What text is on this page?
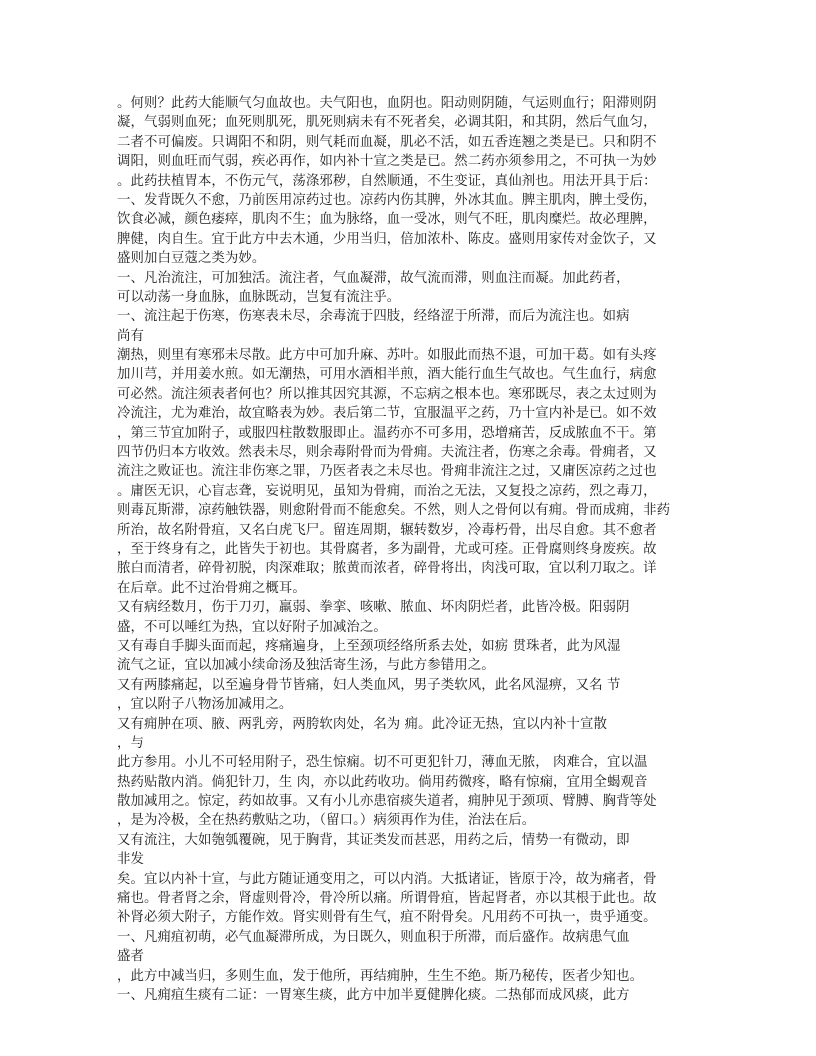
。何则？此药大能顺气匀血故也。夫气阳也，血阴也。阳动则阴随，气运则血行；阳滞则阴
凝，气弱则血死；血死则肌死，肌死则病未有不死者矣，必调其阳，和其阴，然后气血匀，
二者不可偏废。只调阳不和阴，则气耗而血凝，肌必不活，如五香连翘之类是已。只和阴不
调阳，则血旺而气弱，疾必再作，如内补十宣之类是已。然二药亦须参用之，不可执一为妙
。此药扶植胃本，不伤元气，荡涤邪秽，自然顺通，不生变证，真仙剂也。用法开具于后：
一、发背既久不愈，乃前医用凉药过也。凉药内伤其脾，外冰其血。脾主肌肉，脾土受伤，
饮食必减，颜色痿瘁，肌肉不生；血为脉络，血一受冰，则气不旺，肌肉糜烂。故必理脾，
脾健，肉自生。宜于此方中去木通，少用当归，倍加浓朴、陈皮。盛则用家传对金饮子，又
盛则加白豆蔻之类为妙。
一、凡治流注，可加独活。流注者，气血凝滞，故气流而滞，则血注而凝。加此药者，
可以动荡一身血脉，血脉既动，岂复有流注乎。
一、流注起于伤寒，伤寒表未尽，余毒流于四肢，经络涩于所滞，而后为流注也。如病
尚有
潮热，则里有寒邪未尽散。此方中可加升麻、苏叶。如服此而热不退，可加干葛。如有头疼
加川芎，并用姜水煎。如无潮热，可用水酒相半煎，酒大能行血生气故也。气生血行，病愈
可必然。流注须表者何也？所以推其因究其源，不忘病之根本也。寒邪既尽，表之太过则为
冷流注，尤为难治，故宜略表为妙。表后第二节，宜服温平之药，乃十宣内补是已。如不效
，第三节宜加附子，或服四柱散数服即止。温药亦不可多用，恐增痛苦，反成脓血不干。第
四节仍归本方收效。然表未尽，则余毒附骨而为骨痈。夫流注者，伤寒之余毒。骨痈者，又
流注之败证也。流注非伤寒之罪，乃医者表之未尽也。骨痈非流注之过，又庸医凉药之过也
。庸医无识，心盲志聋，妄说明见，虽知为骨痈，而治之无法，又复投之凉药，烈之毒刀，
则毒瓦斯滞，凉药触铁器，则愈附骨而不能愈矣。不然，则人之骨何以有痈。骨而成痈，非药
所治，故名附骨疽，又名白虎飞尸。留连周期，辗转数岁，冷毒朽骨，出尽自愈。其不愈者
，至于终身有之，此皆失于初也。其骨腐者，多为副骨，尤或可痊。正骨腐则终身废疾。故
脓白而清者，碎骨初脱，肉深难取；脓黄而浓者，碎骨将出，肉浅可取，宜以利刀取之。详
在后章。此不过治骨痈之概耳。
又有病经数月，伤于刀刃，羸弱、拳挛、咳嗽、脓血、坏肉阴烂者，此皆冷极。阳弱阴
盛，不可以唾红为热，宜以好附子加减治之。
又有毒自手脚头面而起，疼痛遍身，上至颈项经络所系去处，如疬 贯珠者，此为风湿
流气之证，宜以加减小续命汤及独活寄生汤，与此方参错用之。
又有两膝痛起，以至遍身骨节皆痛，妇人类血风，男子类软风，此名风湿痹，又名 节
，宜以附子八物汤加减用之。
又有痈肿在项、腋、两乳旁，两胯软肉处，名为 痈。此冷证无热，宜以内补十宣散
，与
此方参用。小儿不可轻用附子，恐生惊痫。切不可更犯针刀，薄血无脓， 肉难合，宜以温
热药贴散内消。倘犯针刀，生 肉，亦以此药收功。倘用药微疼，略有惊痫，宜用全蝎观音
散加减用之。惊定，药如故事。又有小儿亦患宿痰失道者，痈肿见于颈项、臂膊、胸背等处
，是为冷极，全在热药敷贴之功，（留口。）病须再作为佳，治法在后。
又有流注，大如匏瓠覆碗，见于胸背，其证类发而甚恶，用药之后，情势一有微动，即
非发
矣。宜以内补十宣，与此方随证通变用之，可以内消。大抵诸证，皆原于冷，故为痛者，骨
痛也。骨者肾之余，肾虚则骨冷，骨冷所以痛。所谓骨疽，皆起肾者，亦以其根于此也。故
补肾必须大附子，方能作效。肾实则骨有生气，疽不附骨矣。凡用药不可执一，贵乎通变。
一、凡痈疽初萌，必气血凝滞所成，为日既久，则血积于所滞，而后盛作。故病患气血
盛者
，此方中减当归，多则生血，发于他所，再结痈肿，生生不绝。斯乃秘传，医者少知也。
一、凡痈疽生痰有二证：一胃寒生痰，此方中加半夏健脾化痰。二热郁而成风痰，此方
